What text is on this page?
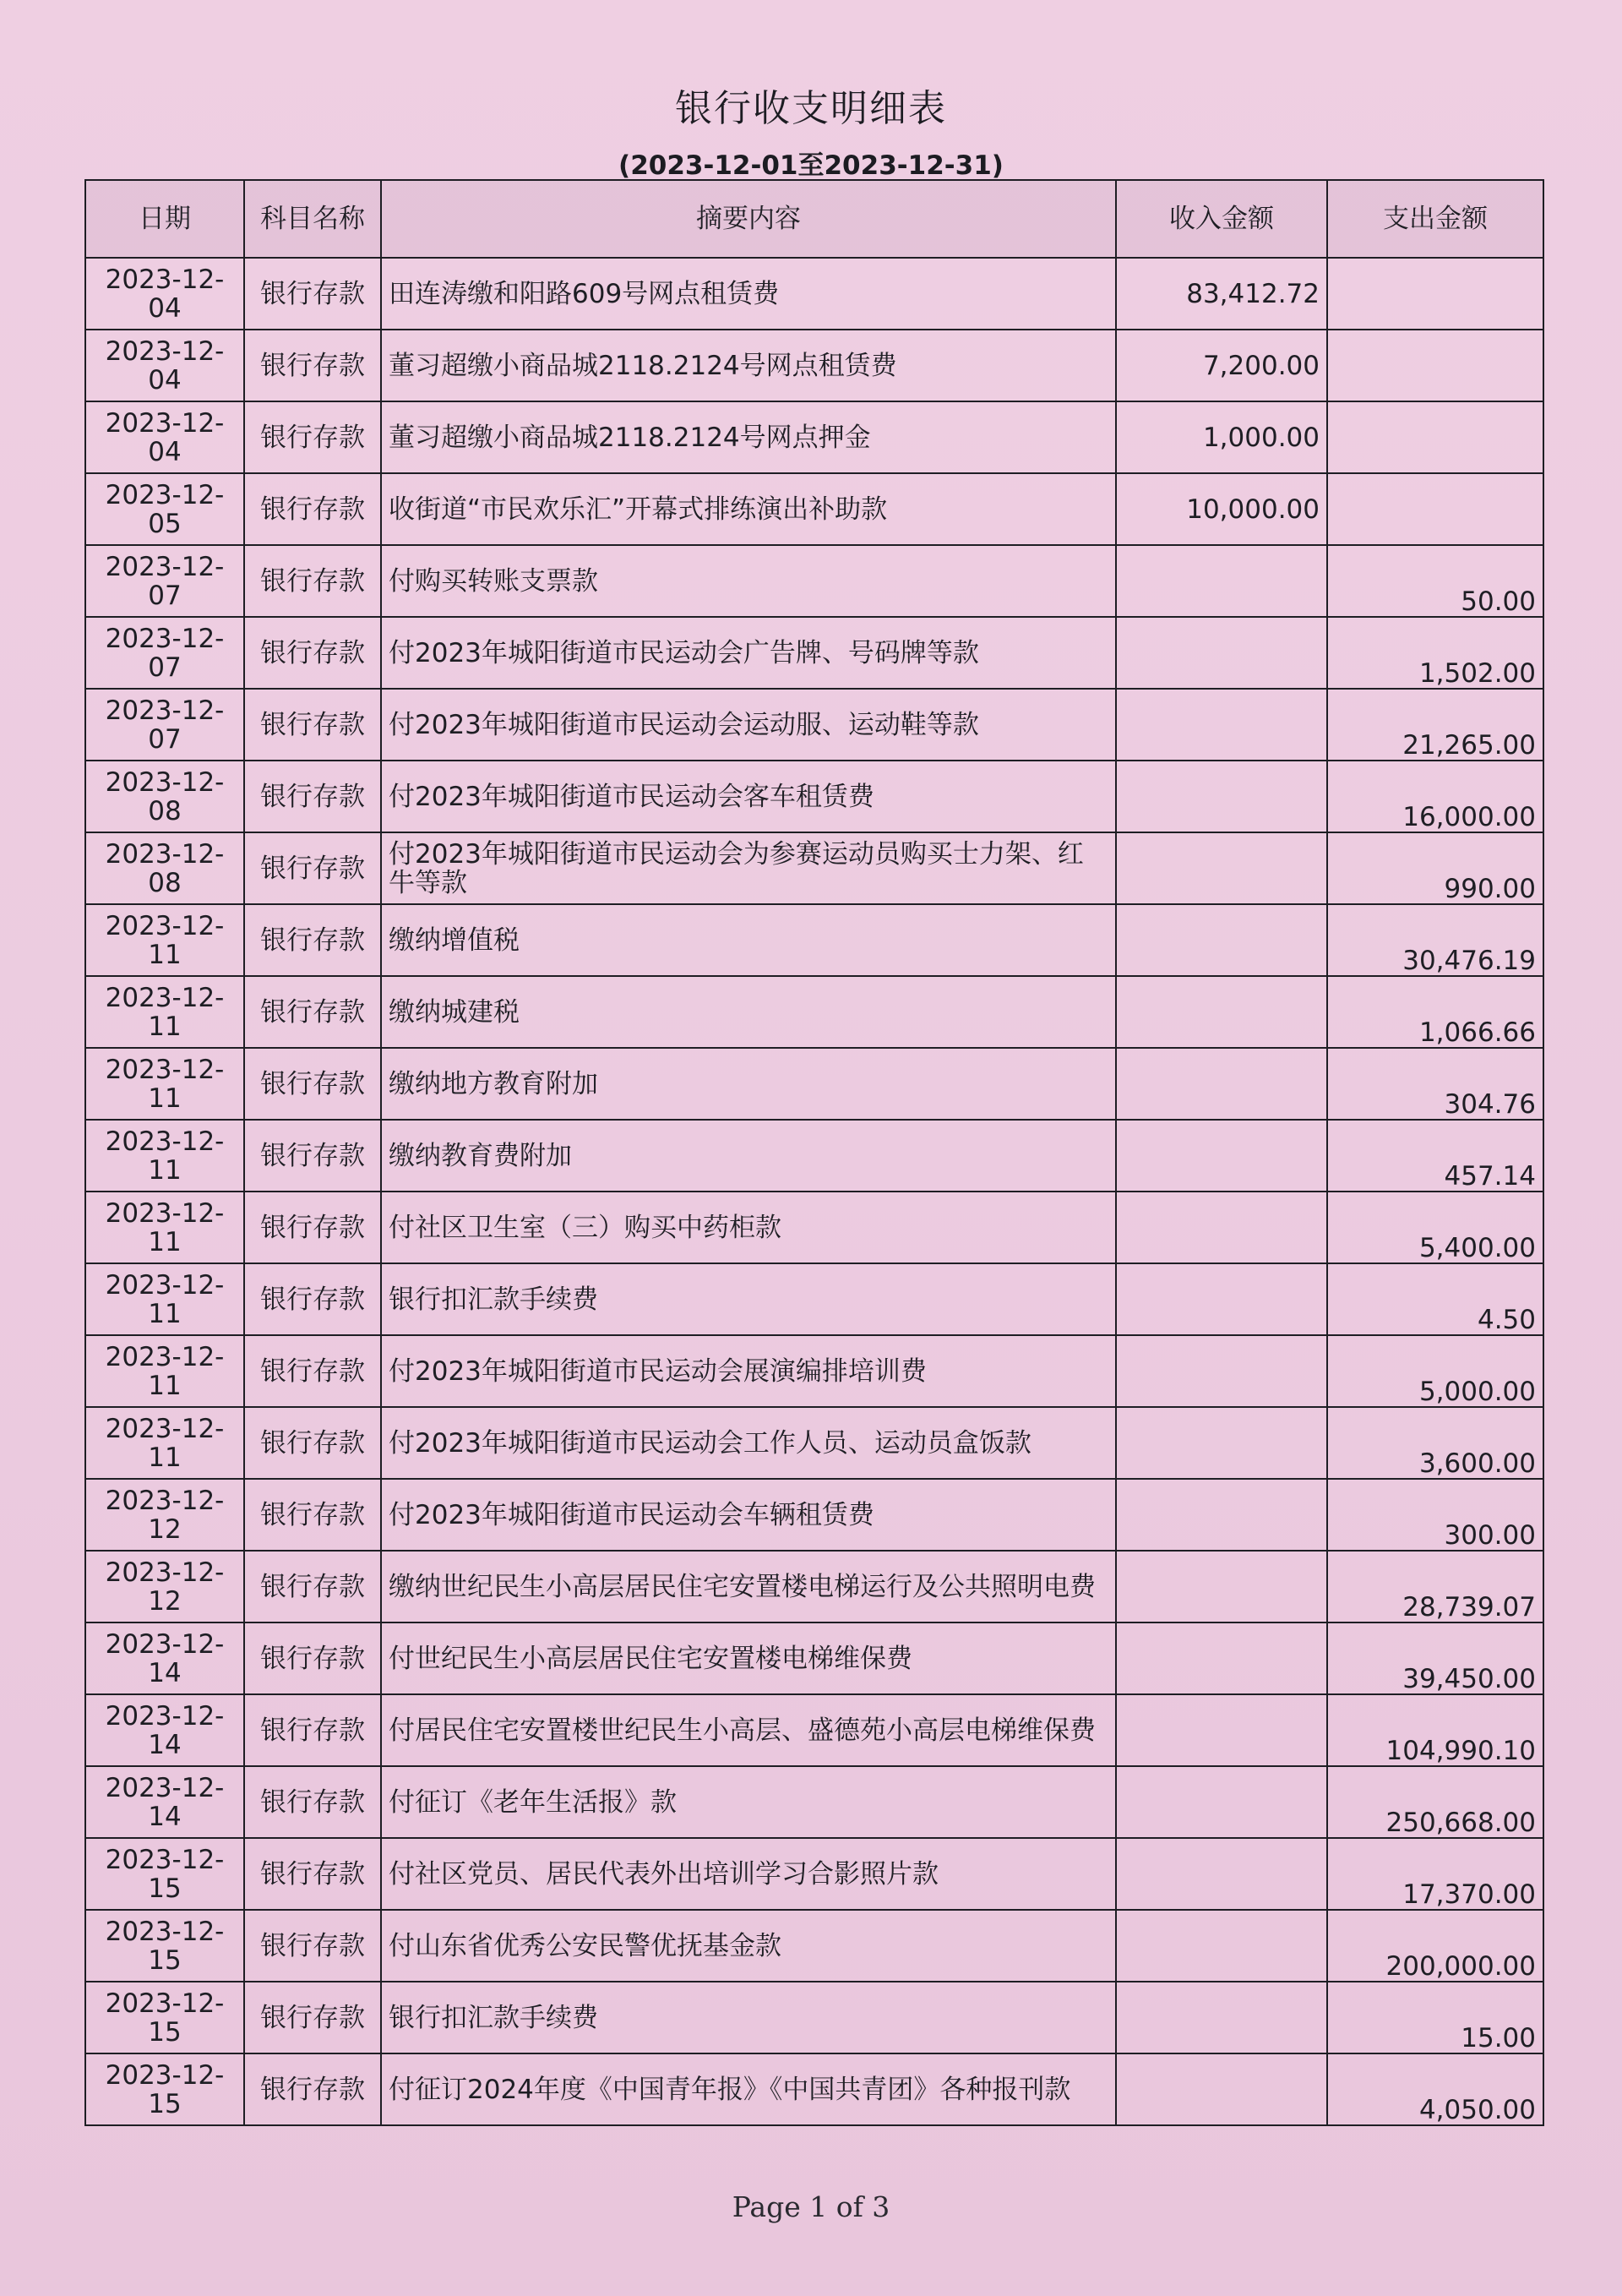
银行收支明细表
(2023-12-01至2023-12-31)
日期	科目名称	摘要内容	收入金额	支出金额
2023-12-04	银行存款	田连涛缴和阳路609号网点租赁费	83,412.72	
2023-12-04	银行存款	董习超缴小商品城2118.2124号网点租赁费	7,200.00	
2023-12-04	银行存款	董习超缴小商品城2118.2124号网点押金	1,000.00	
2023-12-05	银行存款	收街道“市民欢乐汇”开幕式排练演出补助款	10,000.00	
2023-12-07	银行存款	付购买转账支票款		50.00
2023-12-07	银行存款	付2023年城阳街道市民运动会广告牌、号码牌等款		1,502.00
2023-12-07	银行存款	付2023年城阳街道市民运动会运动服、运动鞋等款		21,265.00
2023-12-08	银行存款	付2023年城阳街道市民运动会客车租赁费		16,000.00
2023-12-08	银行存款	付2023年城阳街道市民运动会为参赛运动员购买士力架、红牛等款		990.00
2023-12-11	银行存款	缴纳增值税		30,476.19
2023-12-11	银行存款	缴纳城建税		1,066.66
2023-12-11	银行存款	缴纳地方教育附加		304.76
2023-12-11	银行存款	缴纳教育费附加		457.14
2023-12-11	银行存款	付社区卫生室（三）购买中药柜款		5,400.00
2023-12-11	银行存款	银行扣汇款手续费		4.50
2023-12-11	银行存款	付2023年城阳街道市民运动会展演编排培训费		5,000.00
2023-12-11	银行存款	付2023年城阳街道市民运动会工作人员、运动员盒饭款		3,600.00
2023-12-12	银行存款	付2023年城阳街道市民运动会车辆租赁费		300.00
2023-12-12	银行存款	缴纳世纪民生小高层居民住宅安置楼电梯运行及公共照明电费		28,739.07
2023-12-14	银行存款	付世纪民生小高层居民住宅安置楼电梯维保费		39,450.00
2023-12-14	银行存款	付居民住宅安置楼世纪民生小高层、盛德苑小高层电梯维保费		104,990.10
2023-12-14	银行存款	付征订《老年生活报》款		250,668.00
2023-12-15	银行存款	付社区党员、居民代表外出培训学习合影照片款		17,370.00
2023-12-15	银行存款	付山东省优秀公安民警优抚基金款		200,000.00
2023-12-15	银行存款	银行扣汇款手续费		15.00
2023-12-15	银行存款	付征订2024年度《中国青年报》《中国共青团》各种报刊款		4,050.00
Page 1 of 3
